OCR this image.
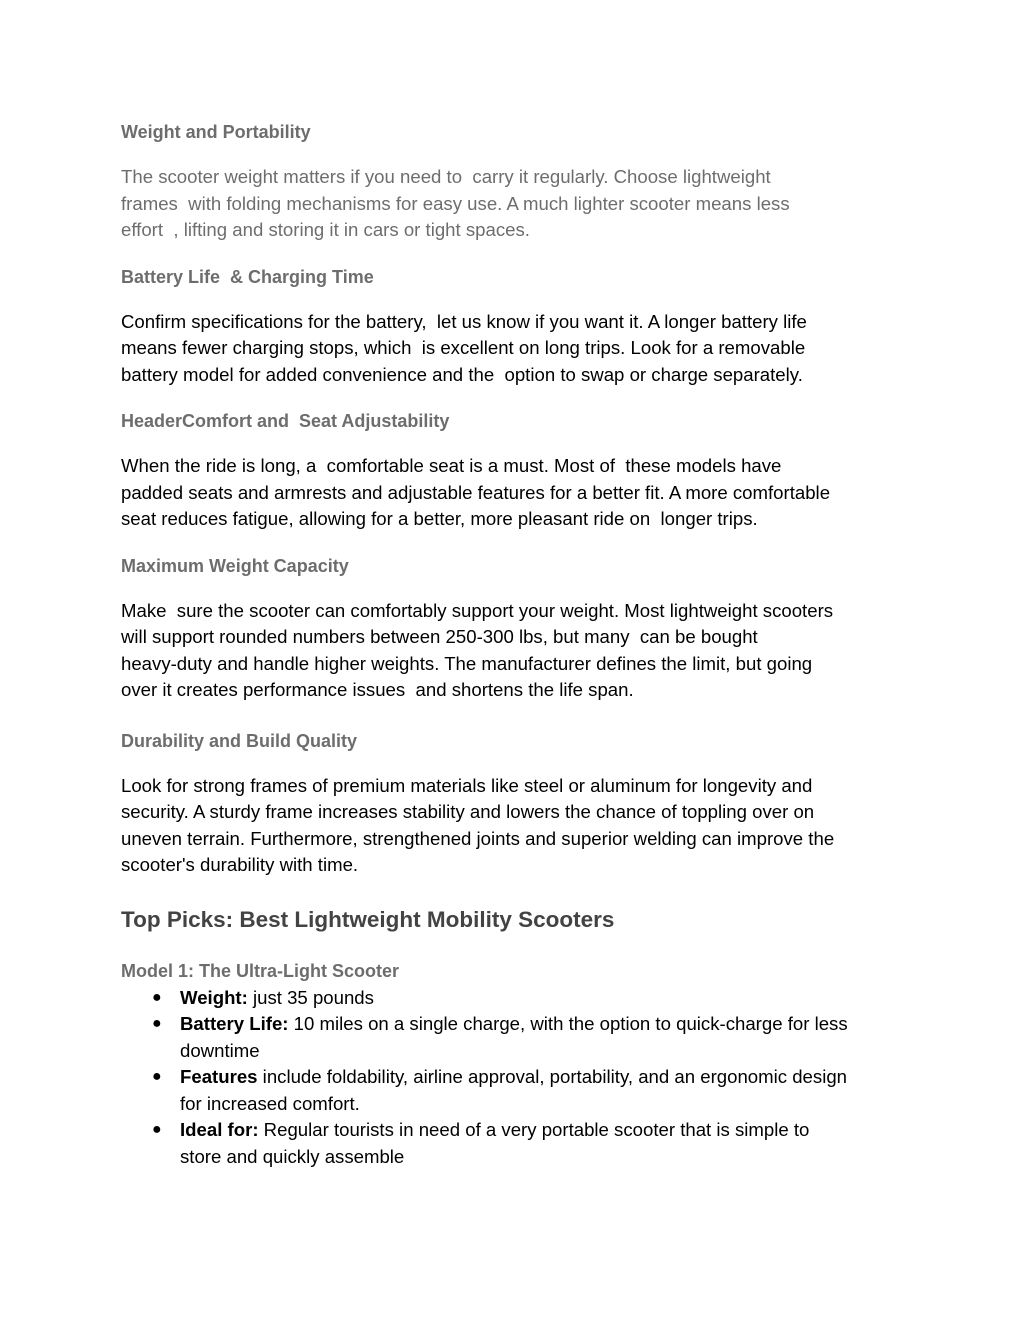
Weight and Portability

The scooter weight matters if you need to  carry it regularly. Choose lightweight
frames  with folding mechanisms for easy use. A much lighter scooter means less
effort  , lifting and storing it in cars or tight spaces.

Battery Life  & Charging Time

Confirm specifications for the battery,  let us know if you want it. A longer battery life
means fewer charging stops, which  is excellent on long trips. Look for a removable
battery model for added convenience and the  option to swap or charge separately.

HeaderComfort and  Seat Adjustability

When the ride is long, a  comfortable seat is a must. Most of  these models have
padded seats and armrests and adjustable features for a better fit. A more comfortable
seat reduces fatigue, allowing for a better, more pleasant ride on  longer trips.

Maximum Weight Capacity

Make  sure the scooter can comfortably support your weight. Most lightweight scooters
will support rounded numbers between 250-300 lbs, but many  can be bought
heavy-duty and handle higher weights. The manufacturer defines the limit, but going
over it creates performance issues  and shortens the life span.

Durability and Build Quality

Look for strong frames of premium materials like steel or aluminum for longevity and
security. A sturdy frame increases stability and lowers the chance of toppling over on
uneven terrain. Furthermore, strengthened joints and superior welding can improve the
scooter's durability with time.

Top Picks: Best Lightweight Mobility Scooters
Model 1: The Ultra-Light Scooter
● Weight: just 35 pounds
● Battery Life: 10 miles on a single charge, with the option to quick-charge for less
downtime
● Features include foldability, airline approval, portability, and an ergonomic design
for increased comfort.
● Ideal for: Regular tourists in need of a very portable scooter that is simple to
store and quickly assemble
